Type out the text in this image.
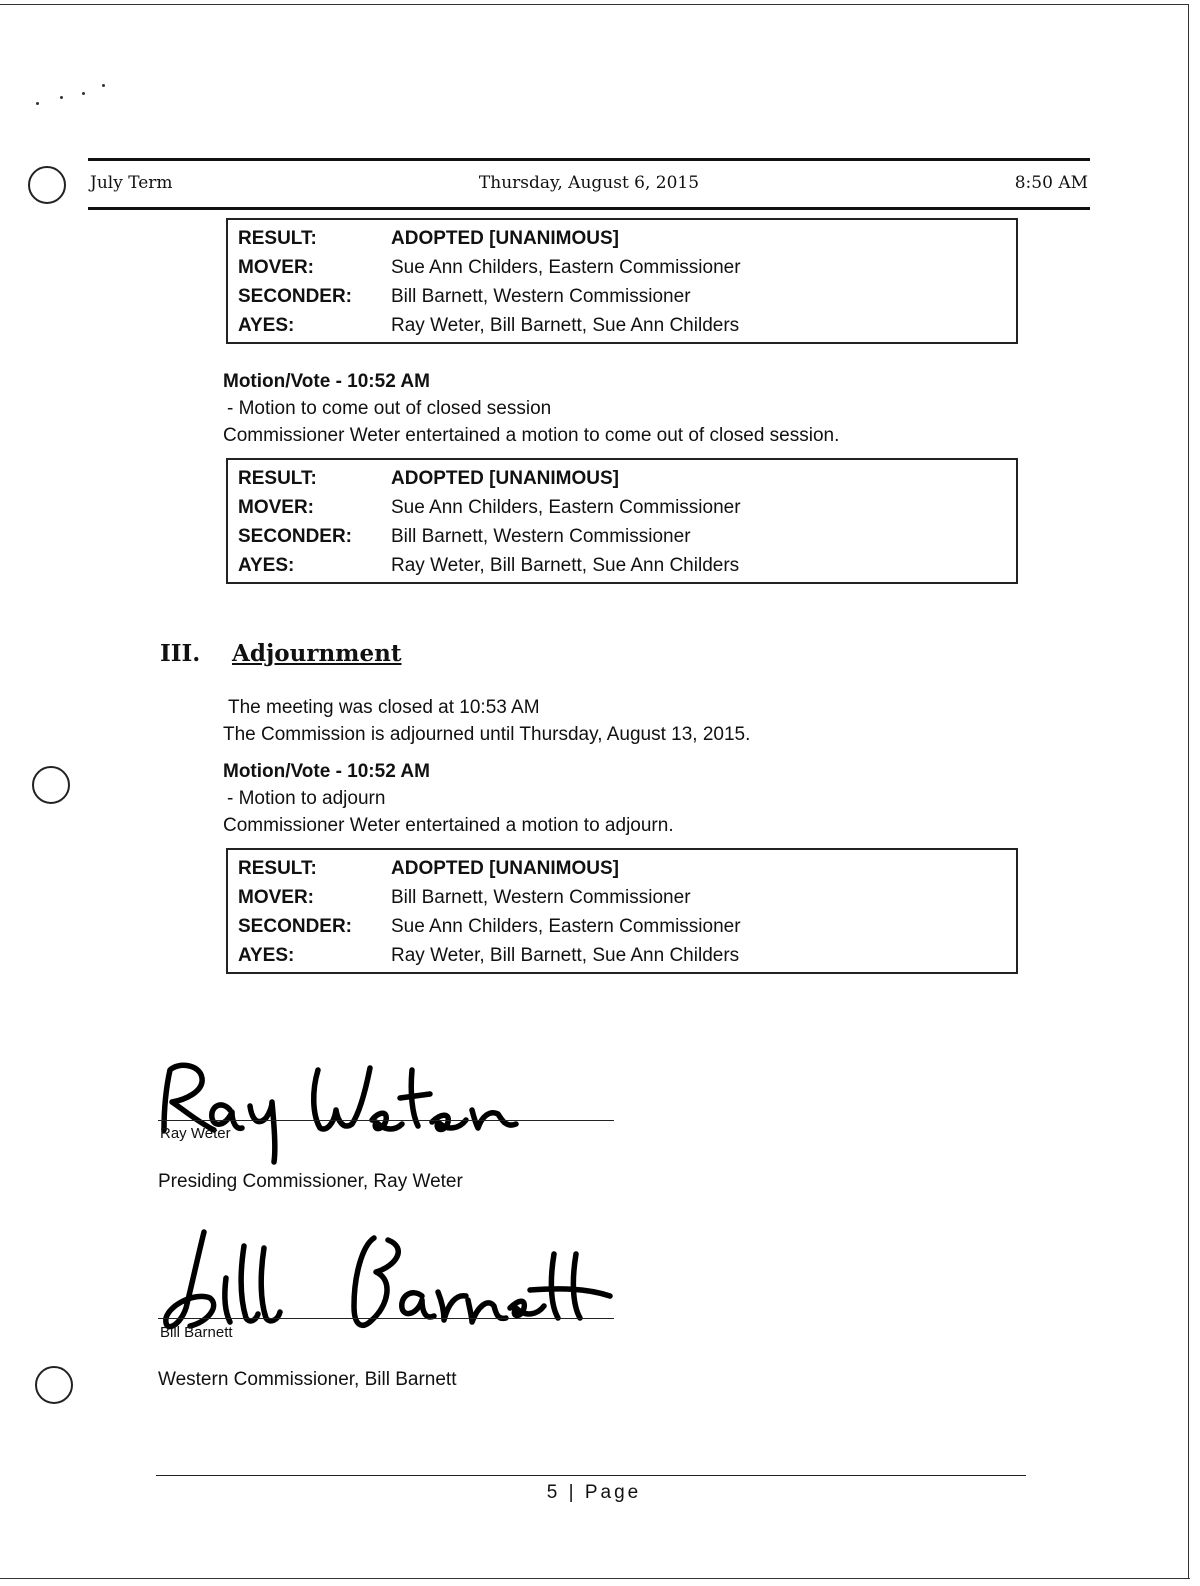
July Term	Thursday, August 6, 2015	8:50 AM
RESULT:	ADOPTED [UNANIMOUS]
MOVER:	Sue Ann Childers, Eastern Commissioner
SECONDER: Bill Barnett, Western Commissioner
AYES:	Ray Weter, Bill Barnett, Sue Ann Childers
Motion/Vote - 10:52 AM
- Motion to come out of closed session
Commissioner Weter entertained a motion to come out of closed session.
RESULT:	ADOPTED [UNANIMOUS]
MOVER:	Sue Ann Childers, Eastern Commissioner
SECONDER: Bill Barnett, Western Commissioner
AYES:	Ray Weter, Bill Barnett, Sue Ann Childers
III. Adjournment
The meeting was closed at 10:53 AM
The Commission is adjourned until Thursday, August 13, 2015.
Motion/Vote - 10:52 AM
- Motion to adjourn
Commissioner Weter entertained a motion to adjourn.
RESULT:	ADOPTED [UNANIMOUS]
MOVER:	Bill Barnett, Western Commissioner
SECONDER: Sue Ann Childers, Eastern Commissioner
AYES:	Ray Weter, Bill Barnett, Sue Ann Childers
Ray Weter
Ray Weter
Presiding Commissioner, Ray Weter
Bill Barnett
Bill Barnett
Western Commissioner, Bill Barnett
5 | Page
